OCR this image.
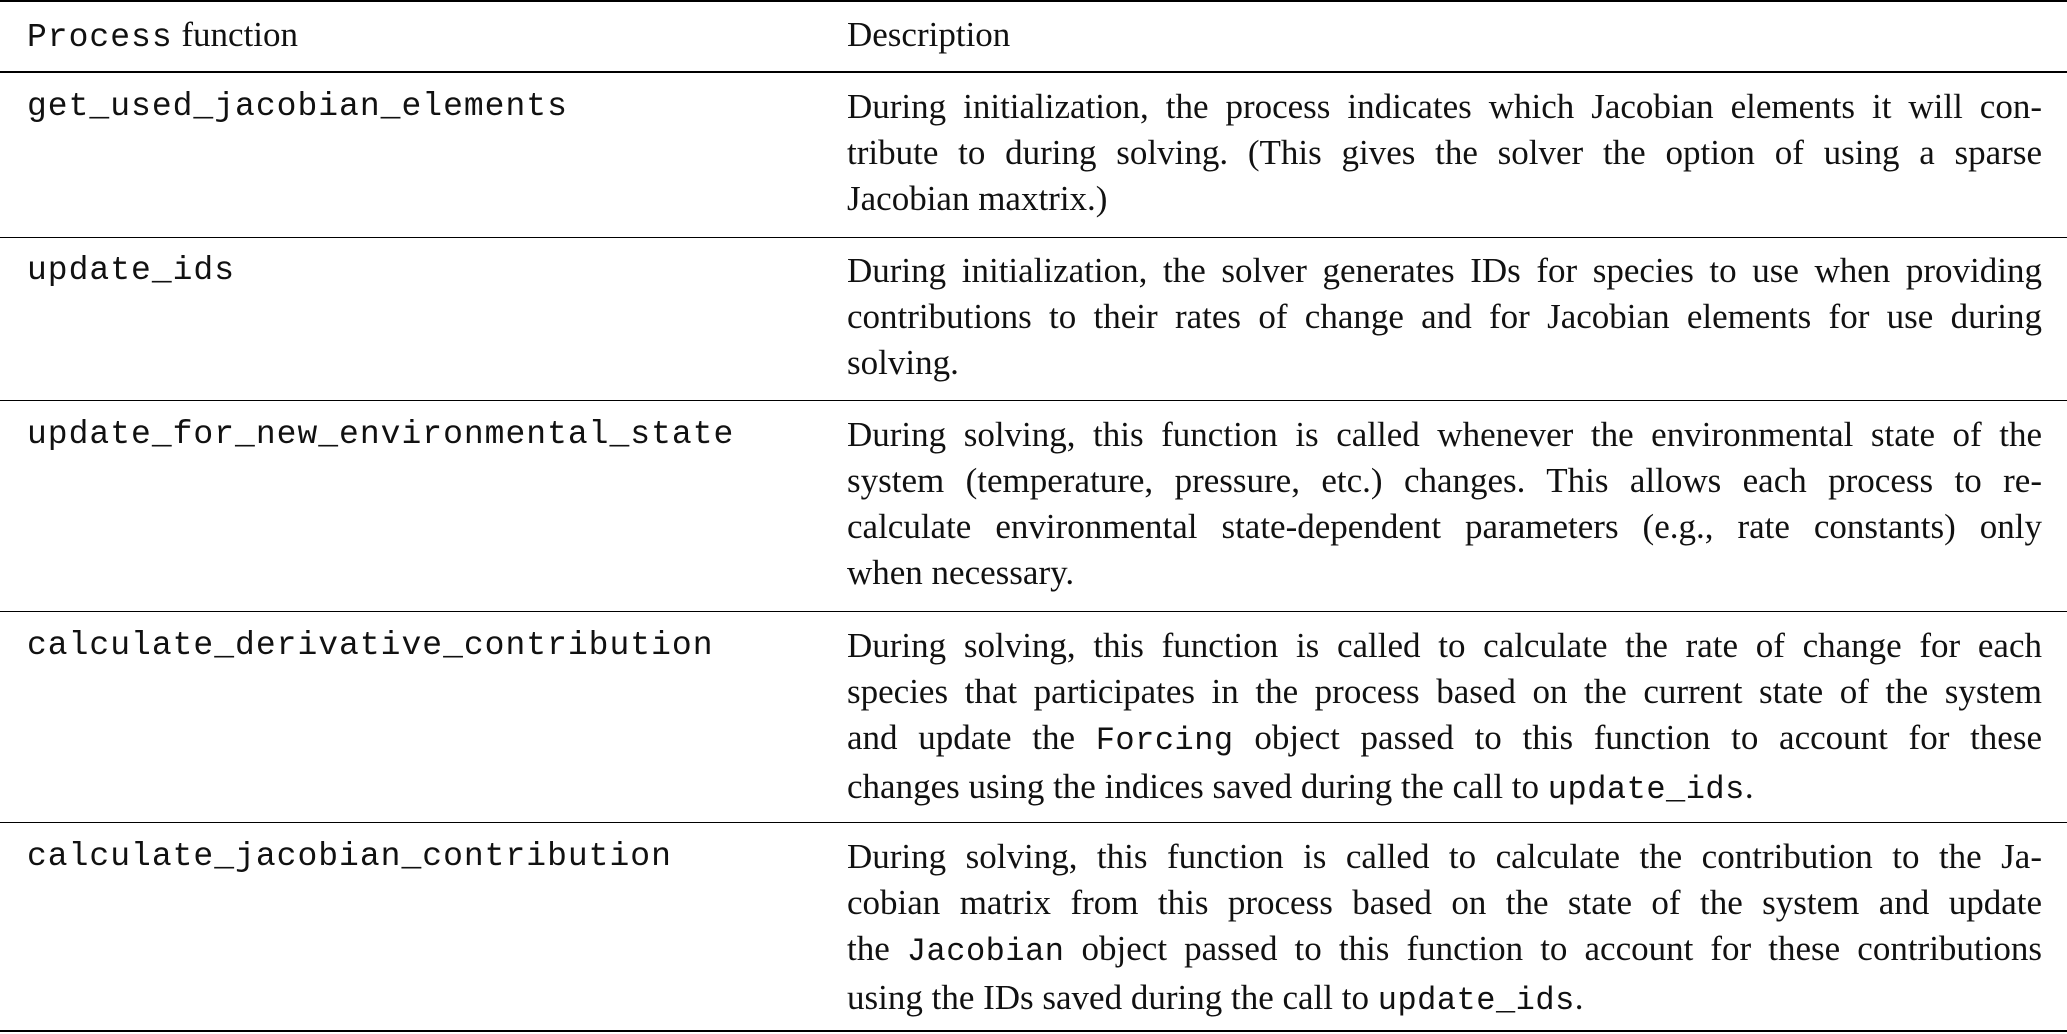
Process function	Description
get_used_jacobian_elements	During initialization, the process indicates which Jacobian elements it will con-
tribute to during solving. (This gives the solver the option of using a sparse
Jacobian maxtrix.)
update_ids	During initialization, the solver generates IDs for species to use when providing
contributions to their rates of change and for Jacobian elements for use during
solving.
update_for_new_environmental_state	During solving, this function is called whenever the environmental state of the
system (temperature, pressure, etc.) changes. This allows each process to re-
calculate environmental state-dependent parameters (e.g., rate constants) only
when necessary.
calculate_derivative_contribution	During solving, this function is called to calculate the rate of change for each
species that participates in the process based on the current state of the system
and update the Forcing object passed to this function to account for these
changes using the indices saved during the call to update_ids.
calculate_jacobian_contribution	During solving, this function is called to calculate the contribution to the Ja-
cobian matrix from this process based on the state of the system and update
the Jacobian object passed to this function to account for these contributions
using the IDs saved during the call to update_ids.
